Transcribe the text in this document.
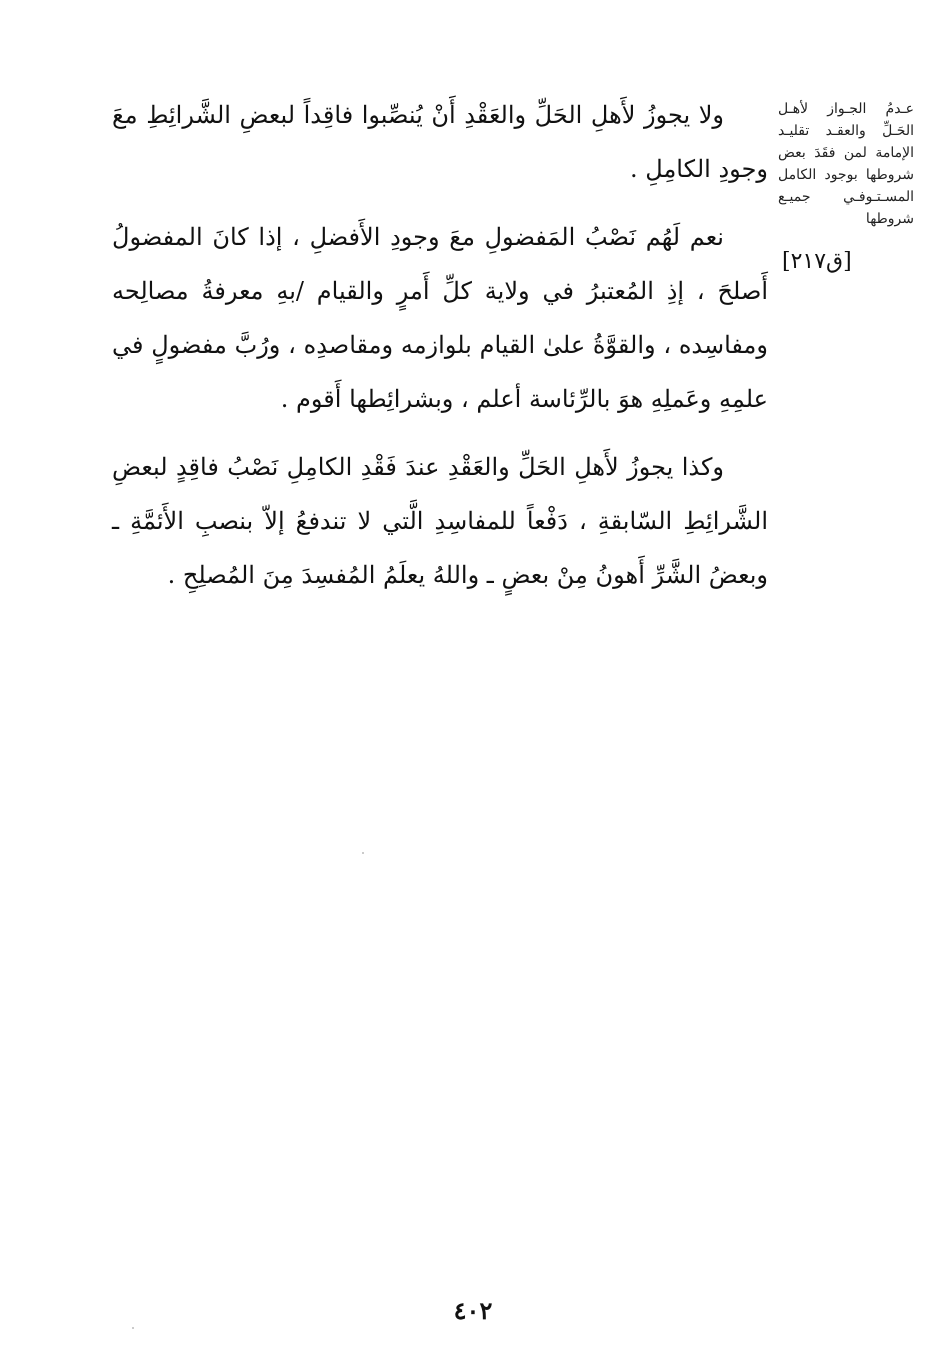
عـدمُ الجـواز لأهـل الحَـلِّ والعقـد تقليـد الإمامة لمن فقَدَ بعض شروطها بوجود الكامل المسـتـوفـي جميـع شروطها
[ق٢١٧]

ولا يجوزُ لأَهلِ الحَلِّ والعَقْدِ أَنْ يُنصِّبوا فاقِداً لبعضِ الشَّرائِطِ معَ وجودِ الكامِلِ .

نعم لَهُم نَصْبُ المَفضولِ معَ وجودِ الأَفضلِ ، إذا كانَ المفضولُ أَصلحَ ، إذِ المُعتبرُ في ولاية كلِّ أَمرٍ والقيام /بهِ معرفةُ مصالِحه ومفاسِده ، والقوَّةُ علىٰ القيام بلوازمه ومقاصدِه ، ورُبَّ مفضولٍ في علمِهِ وعَملِهِ هوَ بالرِّئاسة أعلم ، وبشرائِطها أَقوم .

وكذا يجوزُ لأَهلِ الحَلِّ والعَقْدِ عندَ فَقْدِ الكامِلِ نَصْبُ فاقِدٍ لبعضِ الشَّرائِطِ السّابقةِ ، دَفْعاً للمفاسِدِ الَّتي لا تندفعُ إلاّ بنصبِ الأَئمَّةِ ـ وبعضُ الشَّرِّ أَهونُ مِنْ بعضٍ ـ واللهُ يعلَمُ المُفسِدَ مِنَ المُصلِحِ .

٤٠٢
